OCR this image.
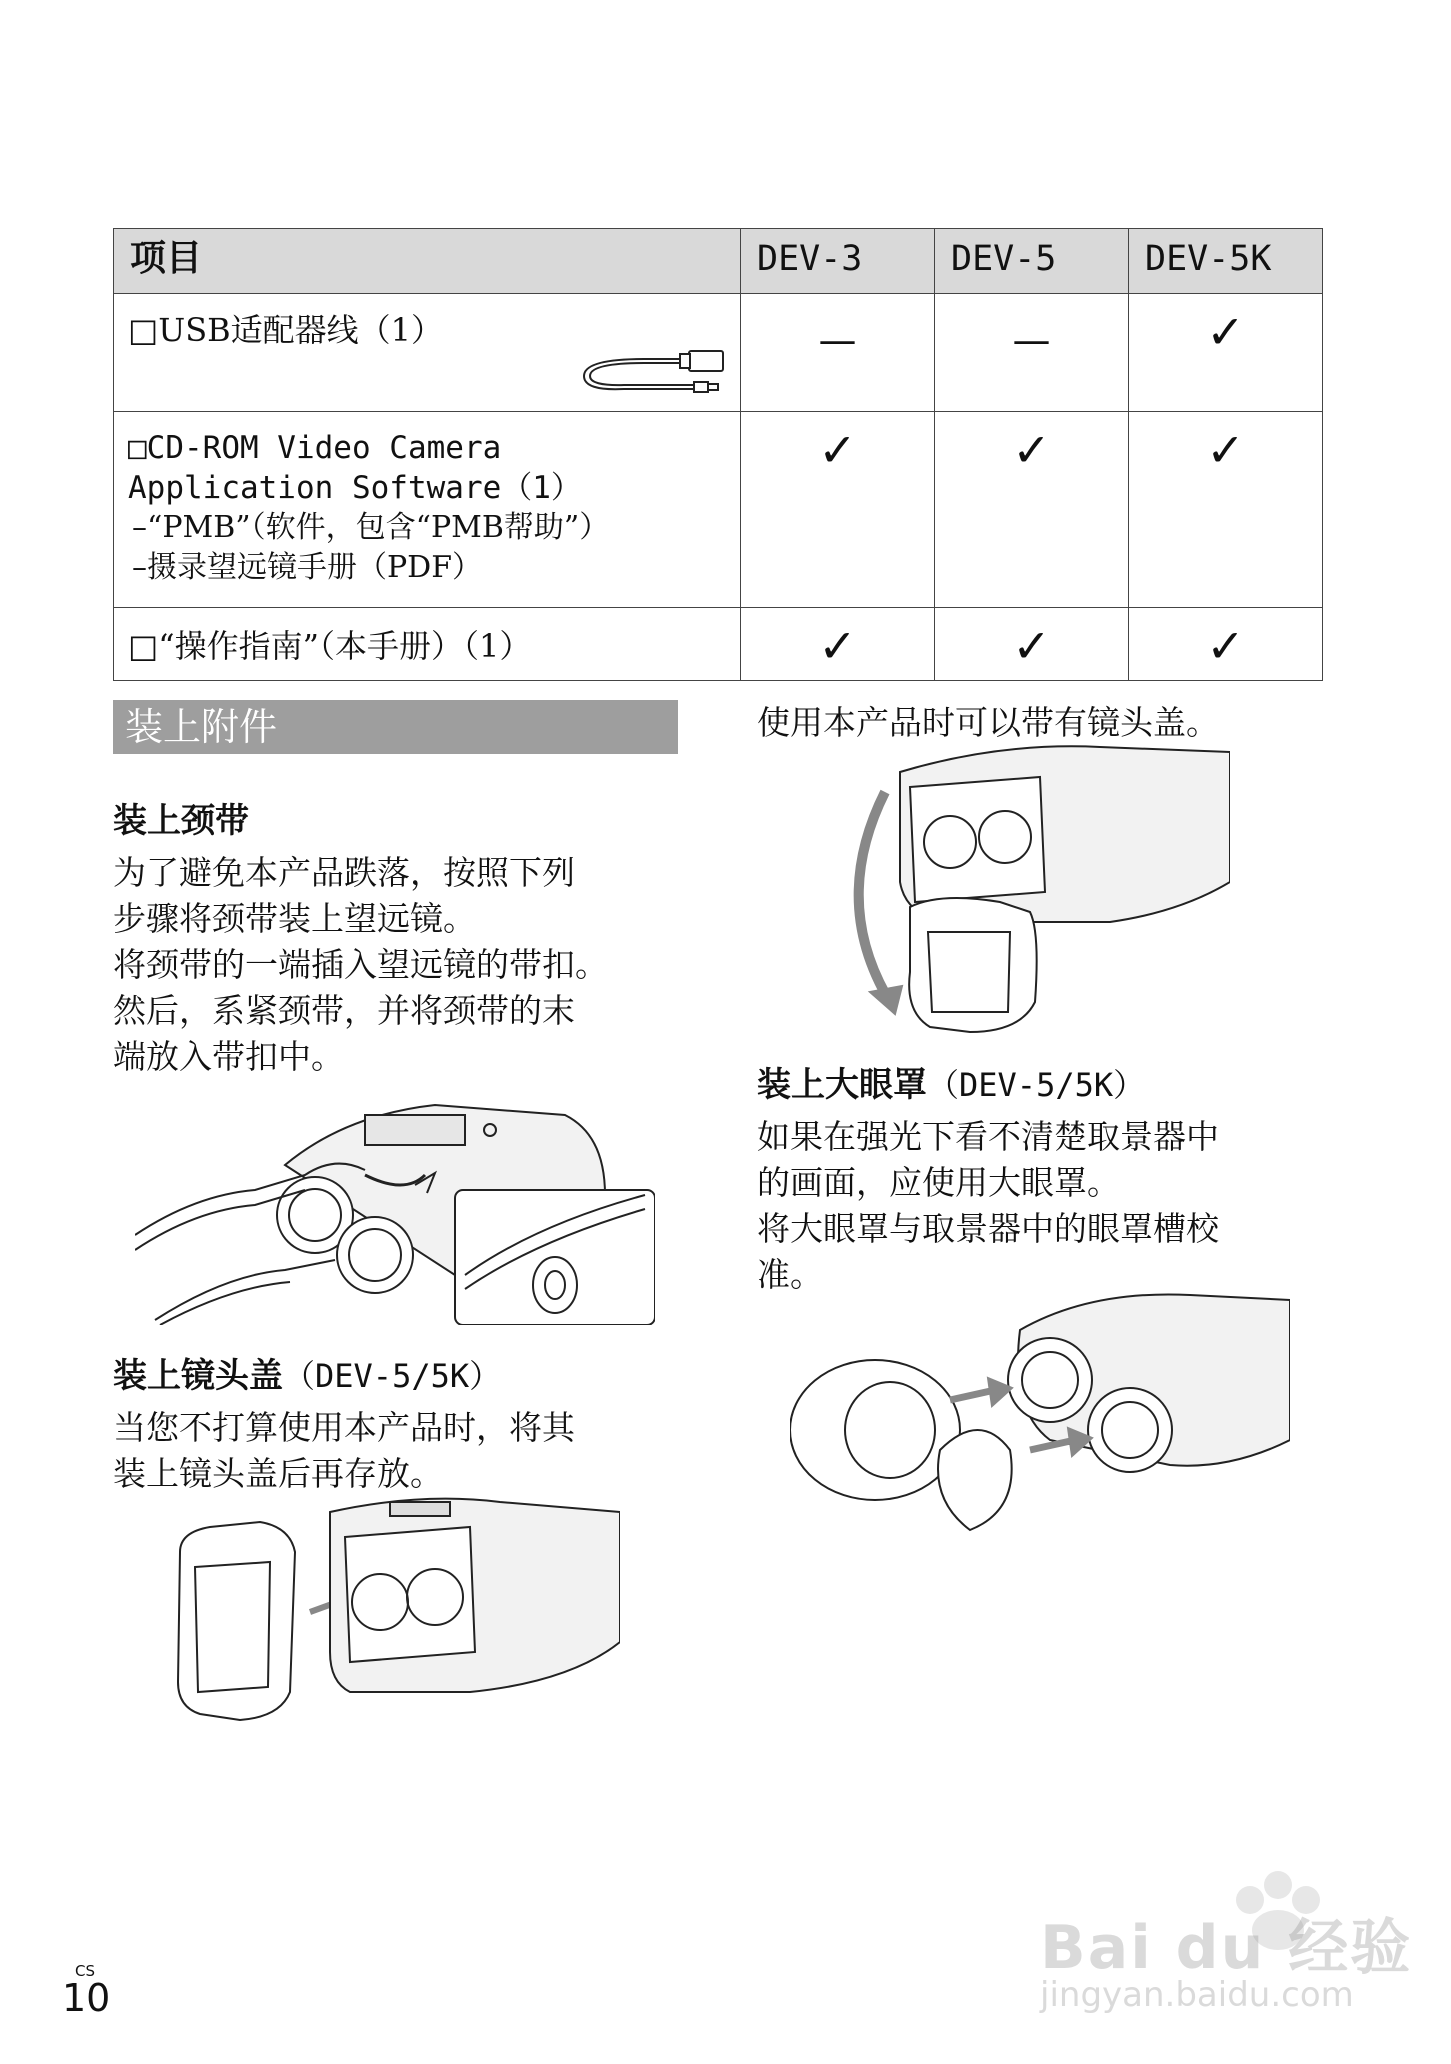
项目	DEV-3	DEV-5	DEV-5K

□USB适配器线（1）	—	—	✓

□CD-ROM Video Camera
Application Software（1）
–“PMB”（软件，包含“PMB帮助”）
–摄录望远镜手册（PDF）	✓	✓	✓

□“操作指南”（本手册）（1）	✓	✓	✓
装上附件
装上颈带
为了避免本产品跌落，按照下列
步骤将颈带装上望远镜。
将颈带的一端插入望远镜的带扣。
然后，系紧颈带，并将颈带的末
端放入带扣中。
装上镜头盖（DEV-5/5K）
当您不打算使用本产品时，将其
装上镜头盖后再存放。
使用本产品时可以带有镜头盖。
装上大眼罩（DEV-5/5K）
如果在强光下看不清楚取景器中
的画面，应使用大眼罩。
将大眼罩与取景器中的眼罩槽校
准。
CS
10
Bai du 经验
jingyan.baidu.com
